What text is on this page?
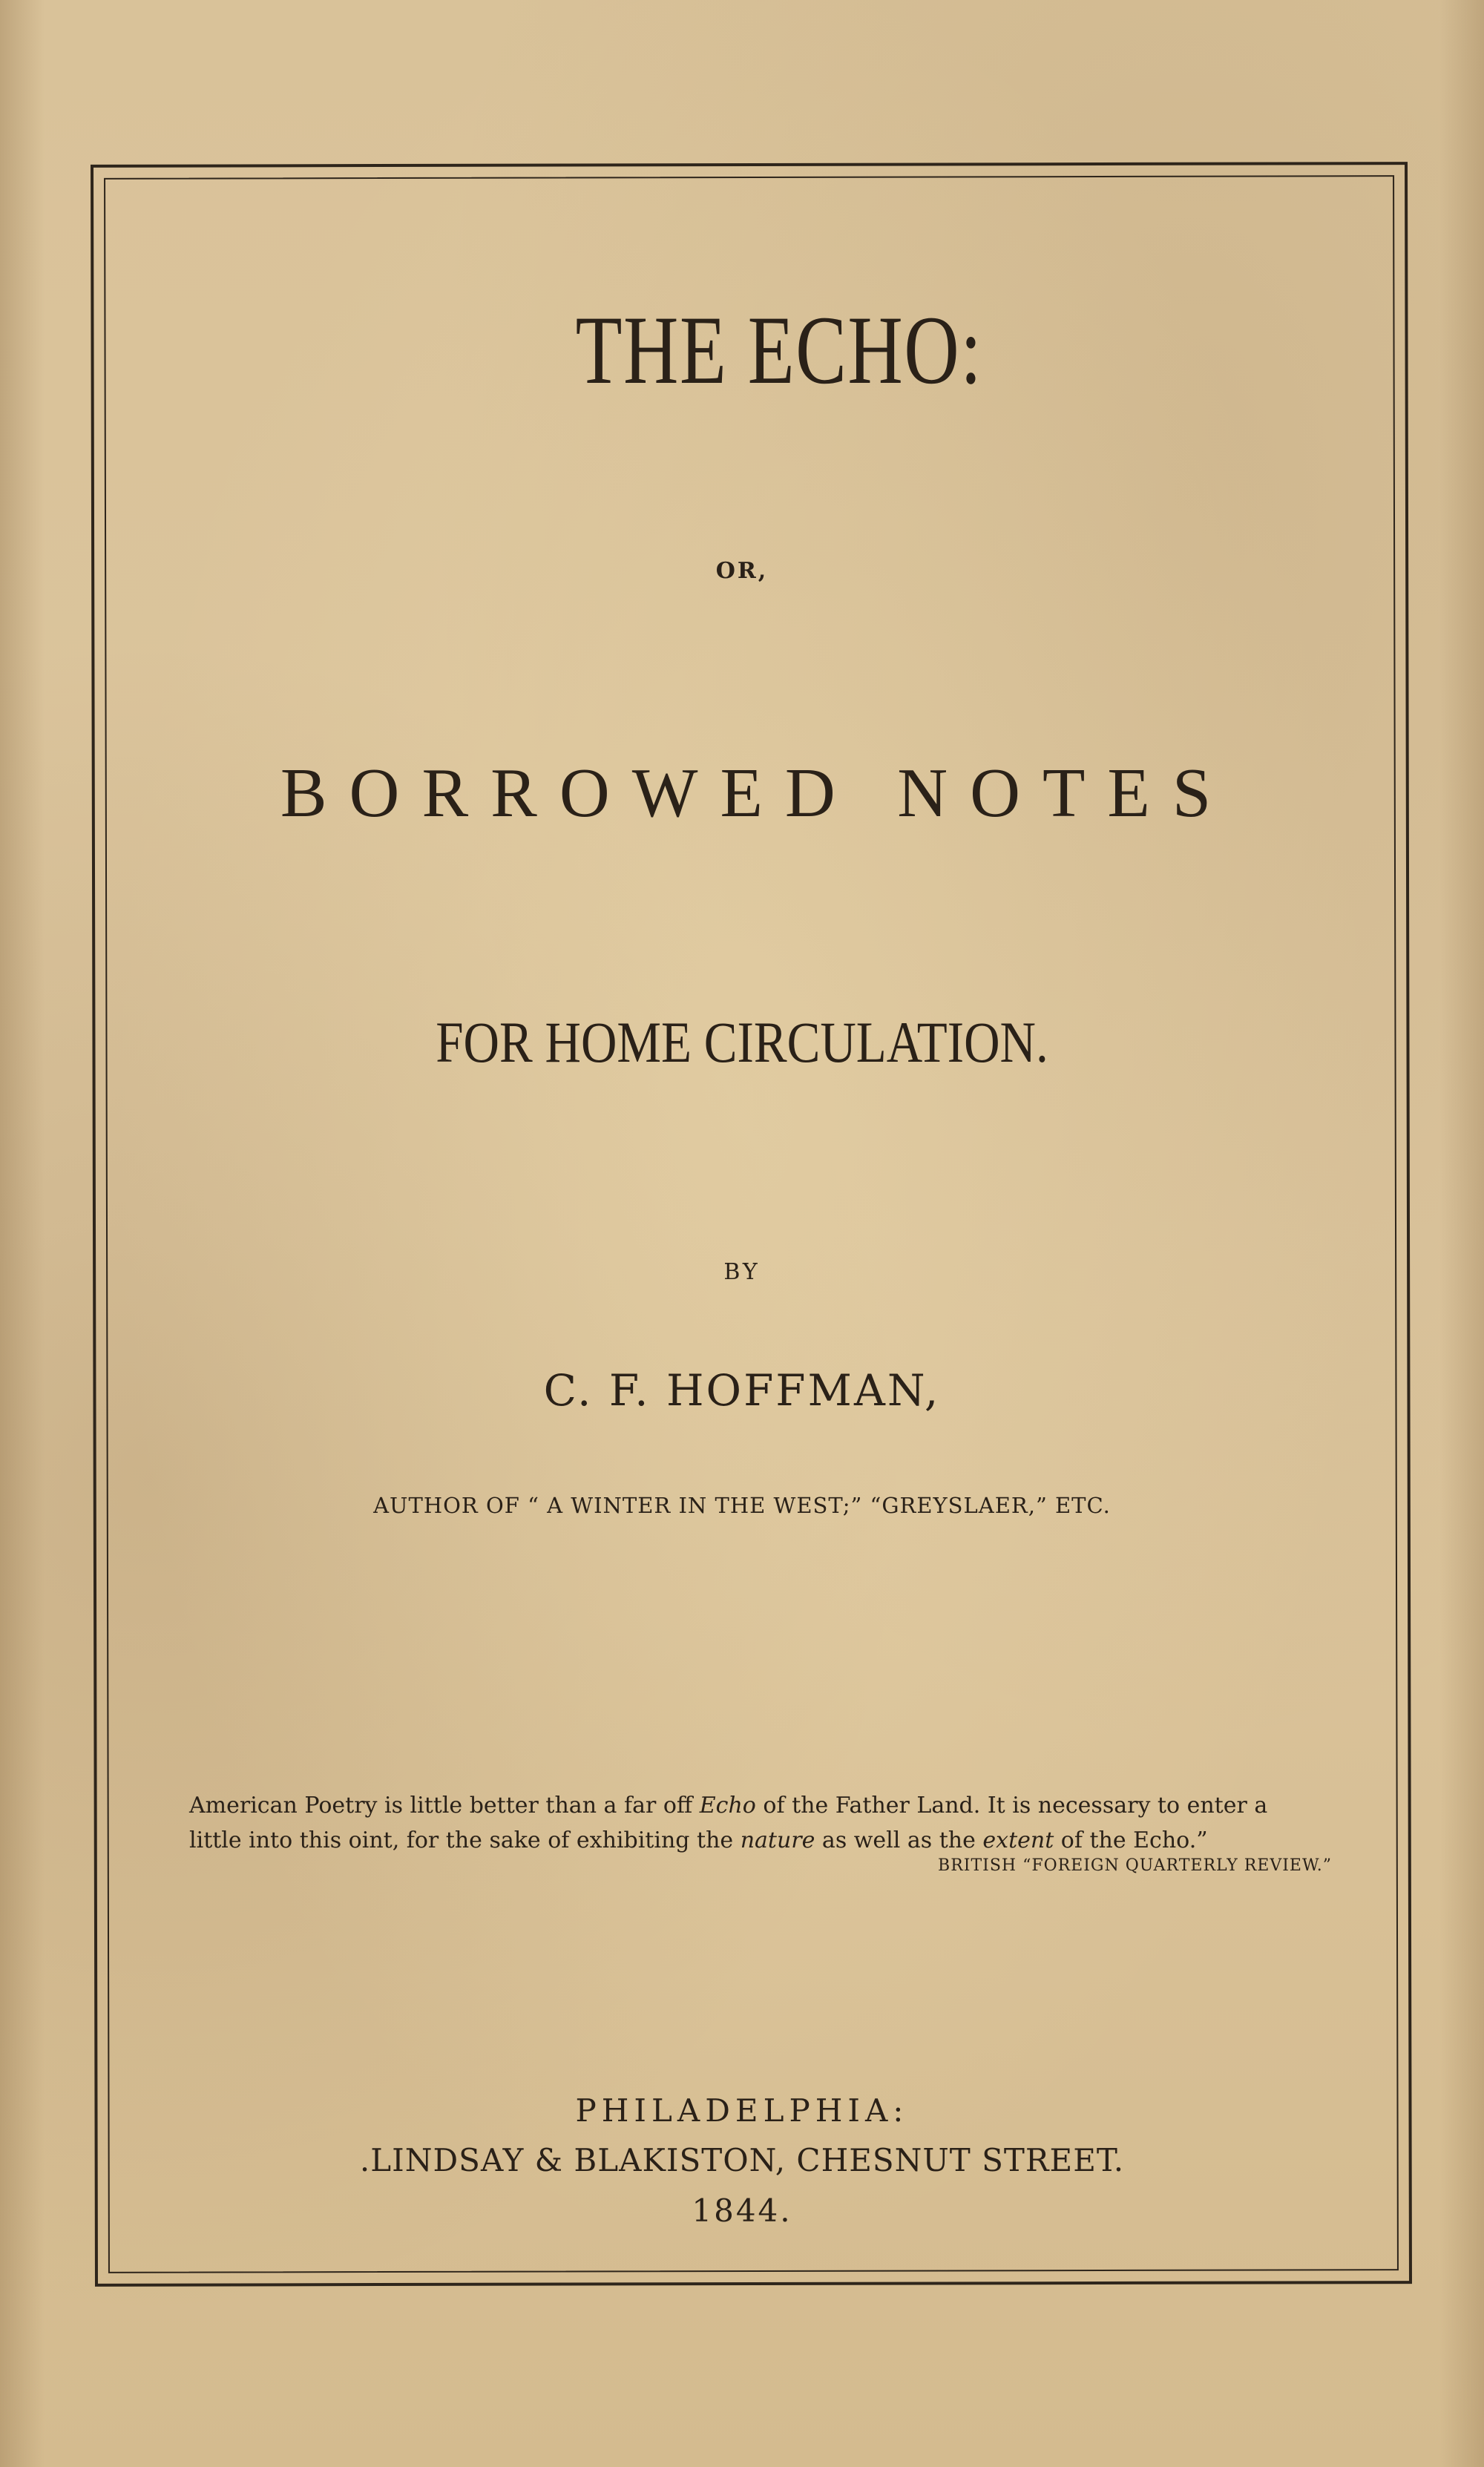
THE ECHO:

OR,

BORROWED NOTES

FOR HOME CIRCULATION.

BY

C. F. HOFFMAN,

AUTHOR OF “ A WINTER IN THE WEST;” “GREYSLAER,” ETC.

American Poetry is little better than a far off Echo of the Father Land. It is necessary to enter a

little into this oint, for the sake of exhibiting the nature as well as the extent of the Echo.”

BRITISH “FOREIGN QUARTERLY REVIEW.”

PHILADELPHIA:

.LINDSAY & BLAKISTON, CHESNUT STREET.

1844.
